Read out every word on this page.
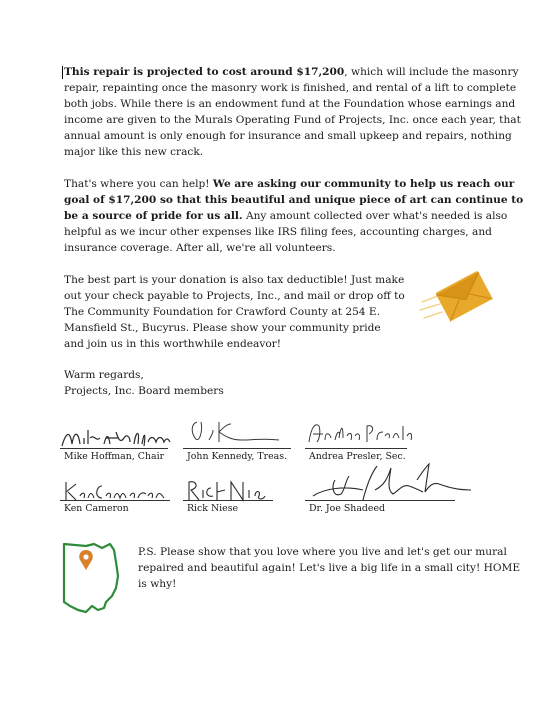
This repair is projected to cost around $17,200, which will include the masonry
repair, repainting once the masonry work is finished, and rental of a lift to complete
both jobs. While there is an endowment fund at the Foundation whose earnings and
income are given to the Murals Operating Fund of Projects, Inc. once each year, that
annual amount is only enough for insurance and small upkeep and repairs, nothing
major like this new crack.

That's where you can help! We are asking our community to help us reach our
goal of $17,200 so that this beautiful and unique piece of art can continue to
be a source of pride for us all. Any amount collected over what's needed is also
helpful as we incur other expenses like IRS filing fees, accounting charges, and
insurance coverage. After all, we're all volunteers.

The best part is your donation is also tax deductible! Just make
out your check payable to Projects, Inc., and mail or drop off to
The Community Foundation for Crawford County at 254 E.
Mansfield St., Bucyrus. Please show your community pride
and join us in this worthwhile endeavor!

Warm regards,
Projects, Inc. Board members

Mike Hoffman, Chair John Kennedy, Treas. Andrea Presler, Sec.
Ken Cameron	Rick Niese	Dr. Joe Shadeed

P.S. Please show that you love where you live and let's get our mural
repaired and beautiful again! Let's live a big life in a small city! HOME
is why!
